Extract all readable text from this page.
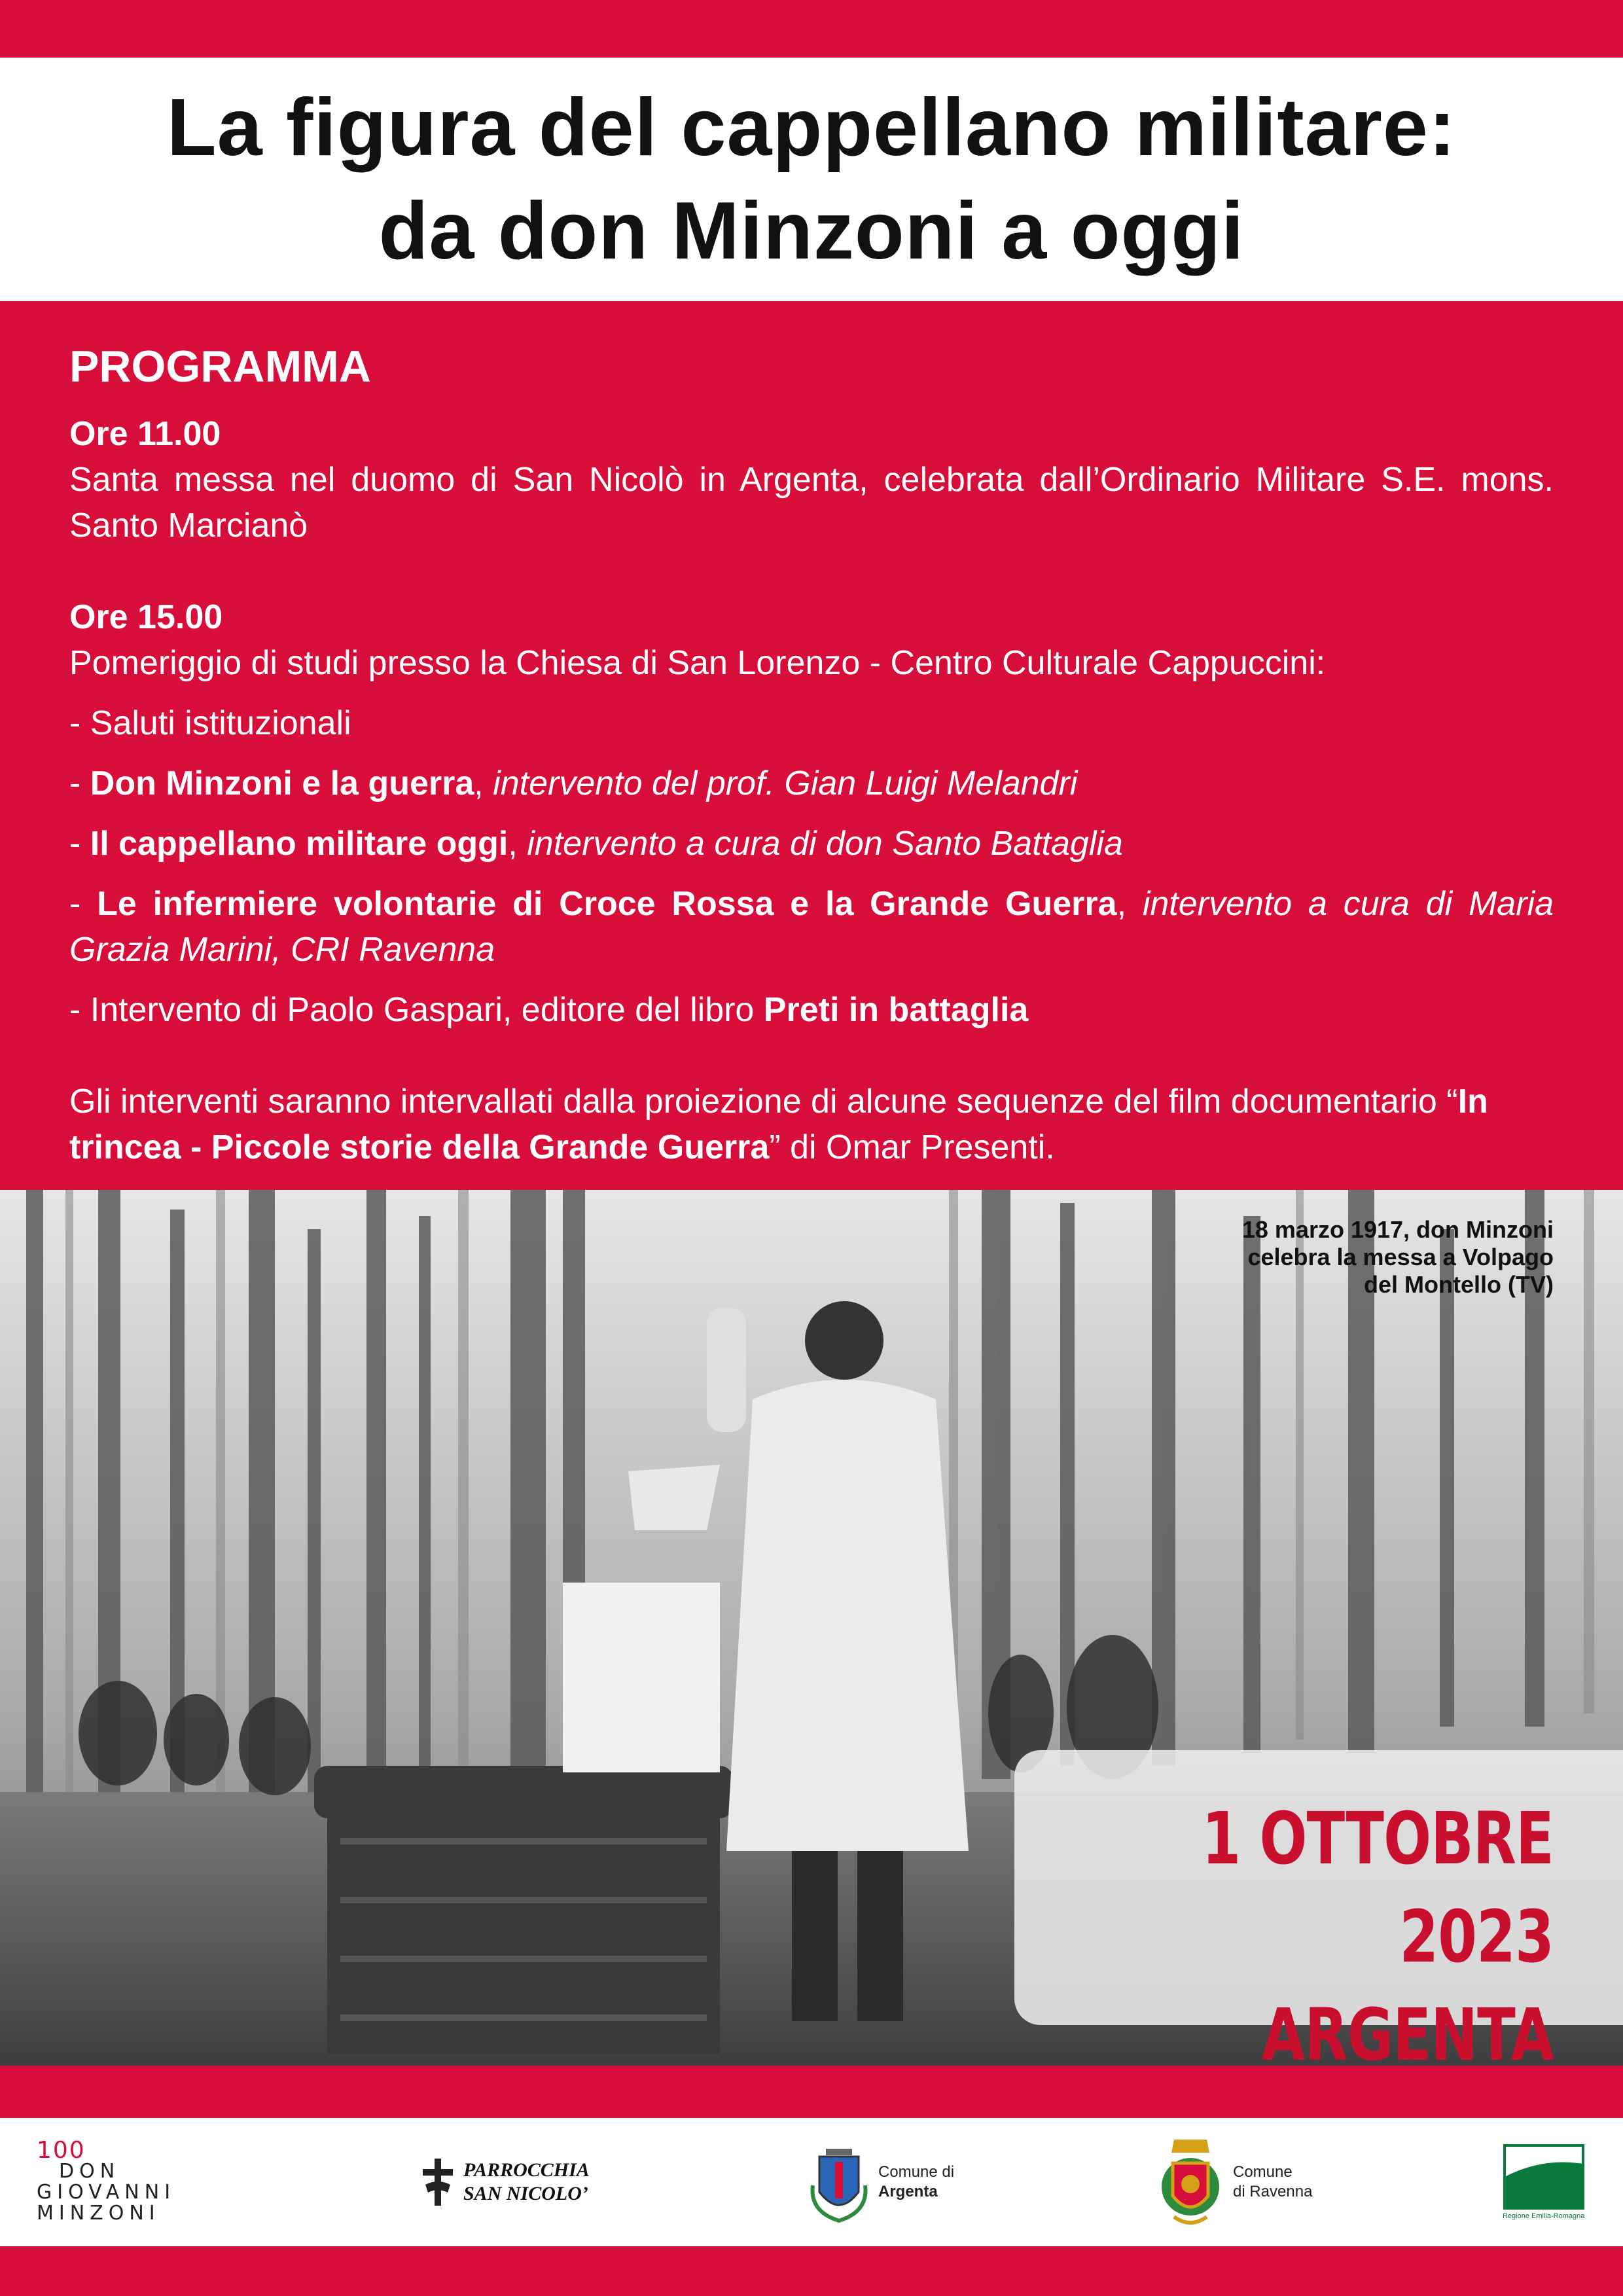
La figura del cappellano militare:
da don Minzoni a oggi

PROGRAMMA

Ore 11.00

Santa messa nel duomo di San Nicolò in Argenta, celebrata dall’Ordinario Militare S.E. mons. Santo Marcianò

Ore 15.00

Pomeriggio di studi presso la Chiesa di San Lorenzo - Centro Culturale Cappuccini:

- Saluti istituzionali

- Don Minzoni e la guerra, intervento del prof. Gian Luigi Melandri

- Il cappellano militare oggi, intervento a cura di don Santo Battaglia

- Le infermiere volontarie di Croce Rossa e la Grande Guerra, intervento a cura di Maria Grazia Marini, CRI Ravenna

- Intervento di Paolo Gaspari, editore del libro Preti in battaglia

Gli interventi saranno intervallati dalla proiezione di alcune sequenze del film documentario “In trincea - Piccole storie della Grande Guerra” di Omar Presenti.

18 marzo 1917, don Minzoni
celebra la messa a Volpago
del Montello (TV)
1 OTTOBRE 2023
ARGENTA
100
DON
GIOVANNI
MINZONI
PARROCCHIA
SAN NICOLO’
Comune di
Argenta
Comune
di Ravenna
Regione Emilia-Romagna
